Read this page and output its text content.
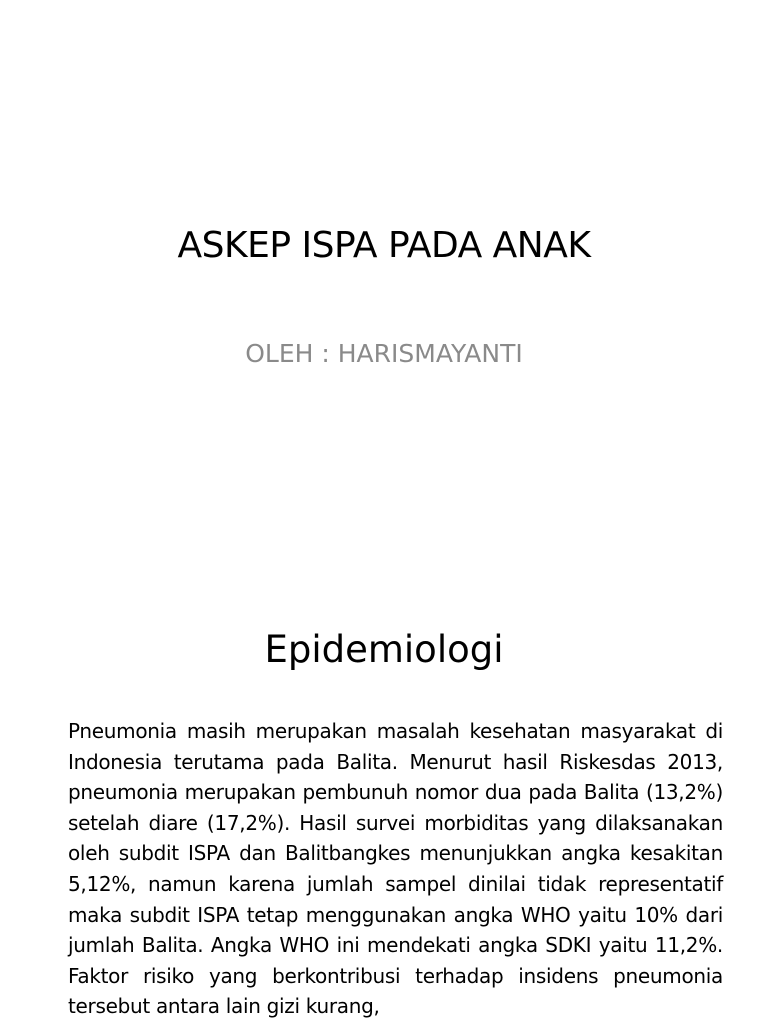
ASKEP ISPA PADA ANAK
OLEH : HARISMAYANTI
Epidemiologi
Pneumonia masih merupakan masalah kesehatan masyarakat di Indonesia terutama pada Balita. Menurut hasil Riskesdas 2013, pneumonia merupakan pembunuh nomor dua pada Balita (13,2%) setelah diare (17,2%). Hasil survei morbiditas yang dilaksanakan oleh subdit ISPA dan Balitbangkes menunjukkan angka kesakitan 5,12%, namun karena jumlah sampel dinilai tidak representatif maka subdit ISPA tetap menggunakan angka WHO yaitu 10% dari jumlah Balita. Angka WHO ini mendekati angka SDKI yaitu 11,2%. Faktor risiko yang berkontribusi terhadap insidens pneumonia tersebut antara lain gizi kurang,
